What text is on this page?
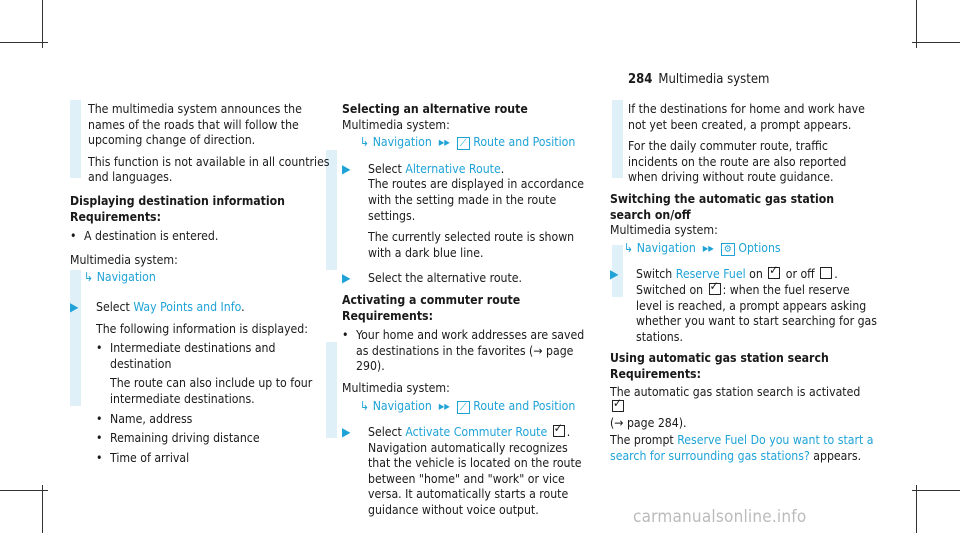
284 Multimedia system

The multimedia system announces the names of the roads that will follow the upcoming change of direction.

This function is not available in all countries and languages.

Displaying destination information
Requirements:
• A destination is entered.
Multimedia system:
↳ Navigation
▶ Select Way Points and Info.

The following information is displayed:

• Intermediate destinations and destination
The route can also include up to four intermediate destinations.
• Name, address
• Remaining driving distance
• Time of arrival
Selecting an alternative route
Multimedia system:
↳ Navigation  ▸▸  ⟋ Route and Position
▶ Select Alternative Route.

The routes are displayed in accordance with the setting made in the route settings.

The currently selected route is shown with a dark blue line.

▶ Select the alternative route.

Activating a commuter route
Requirements:
• Your home and work addresses are saved as destinations in the favorites (→ page 290).
Multimedia system:
↳ Navigation  ▸▸  ⟋ Route and Position
▶ Select Activate Commuter Route ✓ .

Navigation automatically recognizes that the vehicle is located on the route between "home" and "work" or vice versa. It automatically starts a route guidance without voice output.

If the destinations for home and work have not yet been created, a prompt appears.

For the daily commuter route, traffic incidents on the route are also reported when driving without route guidance.

Switching the automatic gas station search on/off
Multimedia system:
↳ Navigation  ▸▸  ⚙ Options
▶ Switch Reserve Fuel on ✓ or off .

Switched on ✓ : when the fuel reserve level is reached, a prompt appears asking whether you want to start searching for gas stations.

Using automatic gas station search
Requirements:
The automatic gas station search is activated ✓
(→ page 284).
The prompt Reserve Fuel Do you want to start a search for surrounding gas stations? appears.
carmanualsonline.info
